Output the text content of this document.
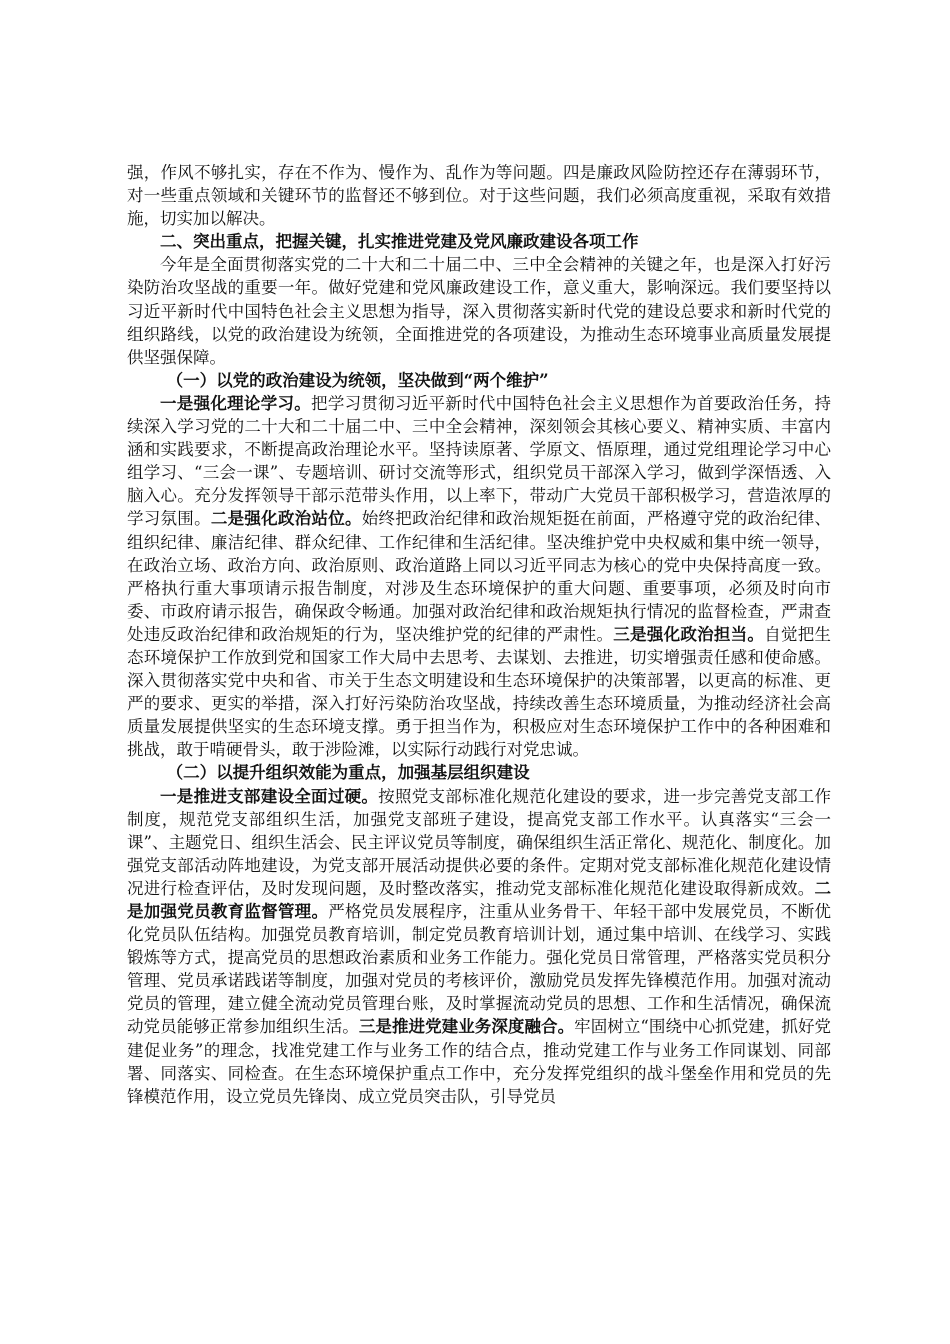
强，作风不够扎实，存在不作为、慢作为、乱作为等问题。四是廉政风险防控还存在薄弱环节，对一些重点领域和关键环节的监督还不够到位。对于这些问题，我们必须高度重视，采取有效措施，切实加以解决。

二、突出重点，把握关键，扎实推进党建及党风廉政建设各项工作

今年是全面贯彻落实党的二十大和二十届二中、三中全会精神的关键之年，也是深入打好污染防治攻坚战的重要一年。做好党建和党风廉政建设工作，意义重大，影响深远。我们要坚持以习近平新时代中国特色社会主义思想为指导，深入贯彻落实新时代党的建设总要求和新时代党的组织路线，以党的政治建设为统领，全面推进党的各项建设，为推动生态环境事业高质量发展提供坚强保障。

（一）以党的政治建设为统领，坚决做到“两个维护”

一是强化理论学习。把学习贯彻习近平新时代中国特色社会主义思想作为首要政治任务，持续深入学习党的二十大和二十届二中、三中全会精神，深刻领会其核心要义、精神实质、丰富内涵和实践要求，不断提高政治理论水平。坚持读原著、学原文、悟原理，通过党组理论学习中心组学习、“三会一课”、专题培训、研讨交流等形式，组织党员干部深入学习，做到学深悟透、入脑入心。充分发挥领导干部示范带头作用，以上率下，带动广大党员干部积极学习，营造浓厚的学习氛围。二是强化政治站位。始终把政治纪律和政治规矩挺在前面，严格遵守党的政治纪律、组织纪律、廉洁纪律、群众纪律、工作纪律和生活纪律。坚决维护党中央权威和集中统一领导，在政治立场、政治方向、政治原则、政治道路上同以习近平同志为核心的党中央保持高度一致。严格执行重大事项请示报告制度，对涉及生态环境保护的重大问题、重要事项，必须及时向市委、市政府请示报告，确保政令畅通。加强对政治纪律和政治规矩执行情况的监督检查，严肃查处违反政治纪律和政治规矩的行为，坚决维护党的纪律的严肃性。三是强化政治担当。自觉把生态环境保护工作放到党和国家工作大局中去思考、去谋划、去推进，切实增强责任感和使命感。深入贯彻落实党中央和省、市关于生态文明建设和生态环境保护的决策部署，以更高的标准、更严的要求、更实的举措，深入打好污染防治攻坚战，持续改善生态环境质量，为推动经济社会高质量发展提供坚实的生态环境支撑。勇于担当作为，积极应对生态环境保护工作中的各种困难和挑战，敢于啃硬骨头，敢于涉险滩，以实际行动践行对党忠诚。

（二）以提升组织效能为重点，加强基层组织建设

一是推进支部建设全面过硬。按照党支部标准化规范化建设的要求，进一步完善党支部工作制度，规范党支部组织生活，加强党支部班子建设，提高党支部工作水平。认真落实“三会一课”、主题党日、组织生活会、民主评议党员等制度，确保组织生活正常化、规范化、制度化。加强党支部活动阵地建设，为党支部开展活动提供必要的条件。定期对党支部标准化规范化建设情况进行检查评估，及时发现问题，及时整改落实，推动党支部标准化规范化建设取得新成效。二是加强党员教育监督管理。严格党员发展程序，注重从业务骨干、年轻干部中发展党员，不断优化党员队伍结构。加强党员教育培训，制定党员教育培训计划，通过集中培训、在线学习、实践锻炼等方式，提高党员的思想政治素质和业务工作能力。强化党员日常管理，严格落实党员积分管理、党员承诺践诺等制度，加强对党员的考核评价，激励党员发挥先锋模范作用。加强对流动党员的管理，建立健全流动党员管理台账，及时掌握流动党员的思想、工作和生活情况，确保流动党员能够正常参加组织生活。三是推进党建业务深度融合。牢固树立“围绕中心抓党建，抓好党建促业务”的理念，找准党建工作与业务工作的结合点，推动党建工作与业务工作同谋划、同部署、同落实、同检查。在生态环境保护重点工作中，充分发挥党组织的战斗堡垒作用和党员的先锋模范作用，设立党员先锋岗、成立党员突击队，引导党员
